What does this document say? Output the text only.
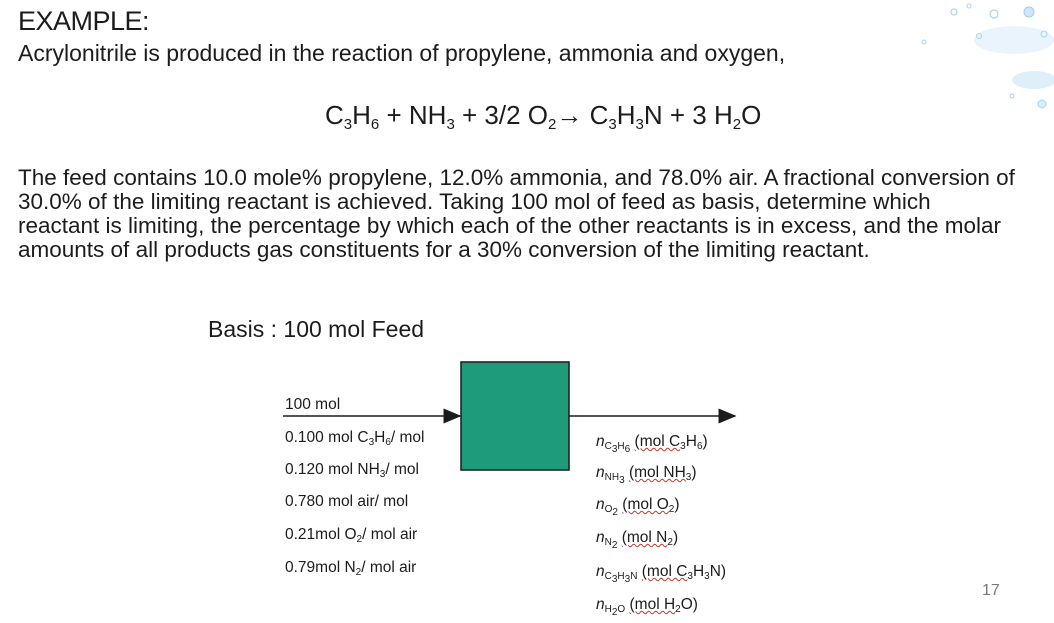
EXAMPLE:
Acrylonitrile is produced in the reaction of propylene, ammonia and oxygen,
$C_3H_6 + NH_3 + 3/2$ $O_2\to C_3H_3N + 3$ $H_2O$

The feed contains 10.0 mole% propylene, 12.0% ammonia, and 78.0% air. A fractional conversion of 30.0% of the limiting reactant is achieved. Taking 100 mol of feed as basis, determine which reactant is limiting, the percentage by which each of the other reactants is in excess, and the molar amounts of all products gas constituents for a 30% conversion of the limiting reactant.

Basis : 100 mol Feed
100 mol
0.100 mol $C_3H_6/$ mol
0.120 mol $NH_3/$ mol
0.780 mol air/ mol
0.21mol $O_2/$ mol air
0.79mol $N_2/$ mol air
$n_{C_3H_6}$ (mol $C_3H_6$)
$n_{NH_3}$ (mol $NH_3$)
$n_{O_2}$ (mol $O_2$)
$n_{N_2}$ (mol $N_2$)
$n_{C_3H_3N}$ (mol $C_3H_3N$)
$n_{H_2O}$ (mol $H_2O$)
17
